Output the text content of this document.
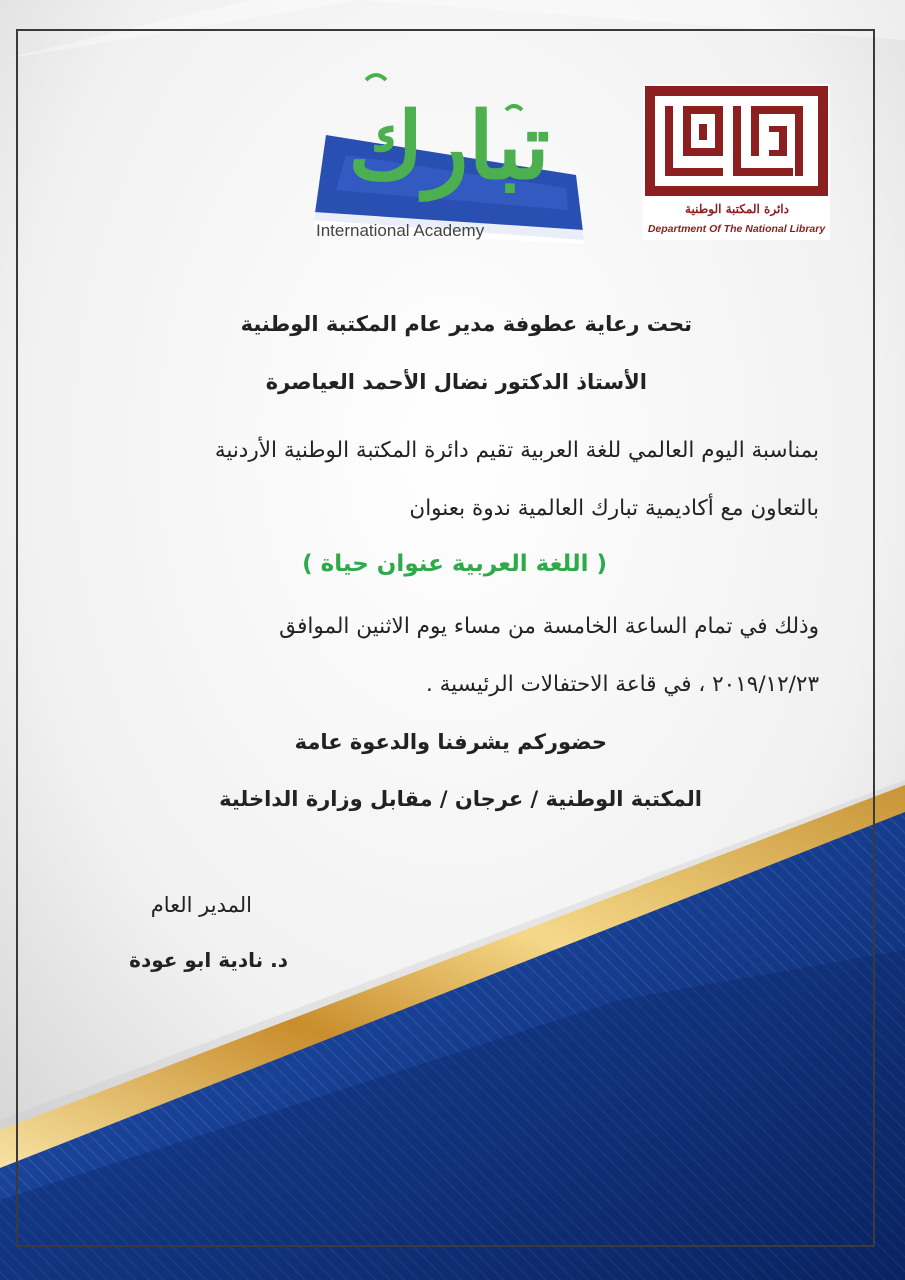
تبارك
International Academy
دائرة المكتبة الوطنية
Department Of The National Library
تحت رعاية عطوفة مدير عام المكتبة الوطنية
الأستاذ الدكتور نضال الأحمد العياصرة
بمناسبة اليوم العالمي للغة العربية تقيم دائرة المكتبة الوطنية الأردنية
بالتعاون مع أكاديمية تبارك العالمية ندوة بعنوان
( اللغة العربية عنوان حياة )
وذلك في تمام الساعة الخامسة من مساء يوم الاثنين الموافق
٢٠١٩/١٢/٢٣ ، في قاعة الاحتفالات الرئيسية .
حضوركم يشرفنا والدعوة عامة
المكتبة الوطنية / عرجان / مقابل وزارة الداخلية
المدير العام
د. نادية ابو عودة
